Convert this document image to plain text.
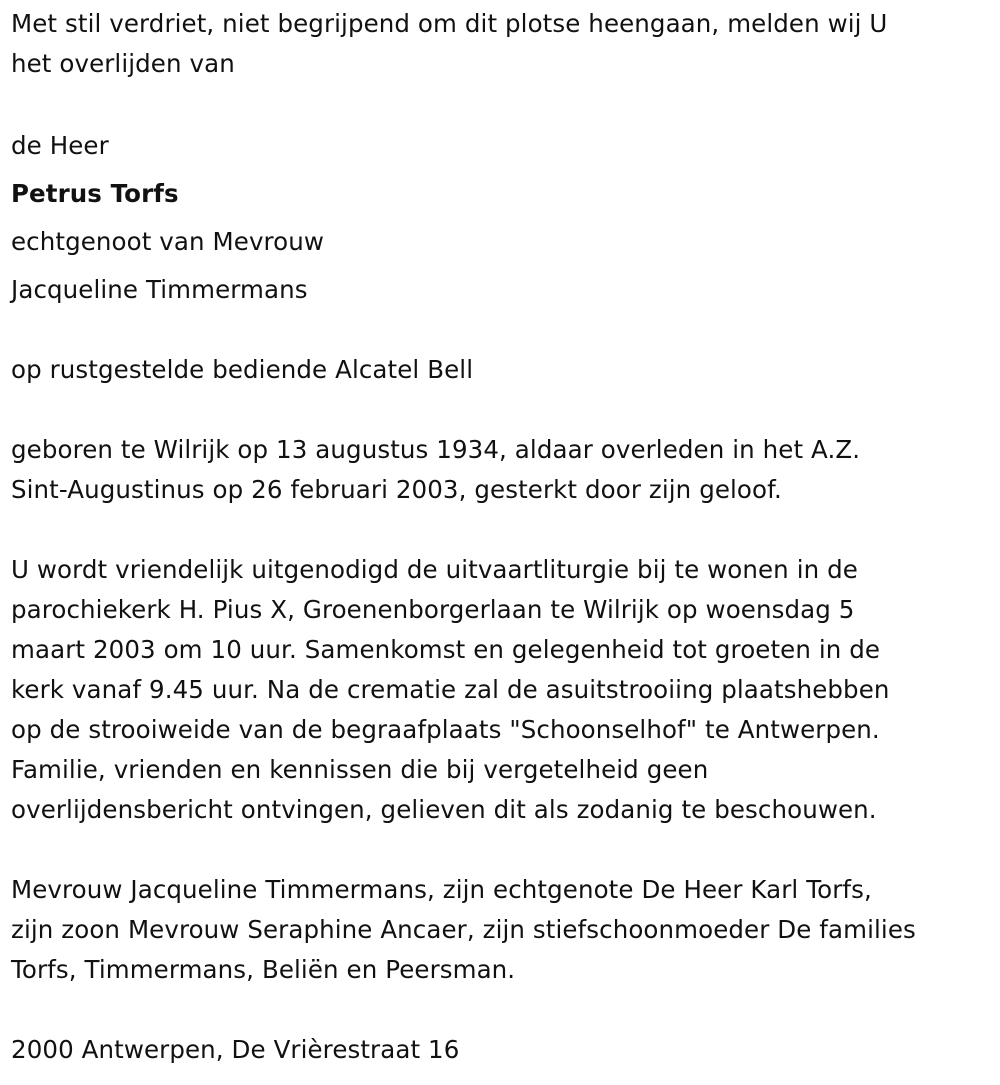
Met stil verdriet, niet begrijpend om dit plotse heengaan, melden wij U
het overlijden van
de Heer
Petrus Torfs
echtgenoot van Mevrouw
Jacqueline Timmermans
op rustgestelde bediende Alcatel Bell
geboren te Wilrijk op 13 augustus 1934, aldaar overleden in het A.Z.
Sint-Augustinus op 26 februari 2003, gesterkt door zijn geloof.
U wordt vriendelijk uitgenodigd de uitvaartliturgie bij te wonen in de
parochiekerk H. Pius X, Groenenborgerlaan te Wilrijk op woensdag 5
maart 2003 om 10 uur. Samenkomst en gelegenheid tot groeten in de
kerk vanaf 9.45 uur. Na de crematie zal de asuitstrooiing plaatshebben
op de strooiweide van de begraafplaats "Schoonselhof" te Antwerpen.
Familie, vrienden en kennissen die bij vergetelheid geen
overlijdensbericht ontvingen, gelieven dit als zodanig te beschouwen.
Mevrouw Jacqueline Timmermans, zijn echtgenote De Heer Karl Torfs,
zijn zoon Mevrouw Seraphine Ancaer, zijn stiefschoonmoeder De families
Torfs, Timmermans, Beliën en Peersman.
2000 Antwerpen, De Vrièrestraat 16
